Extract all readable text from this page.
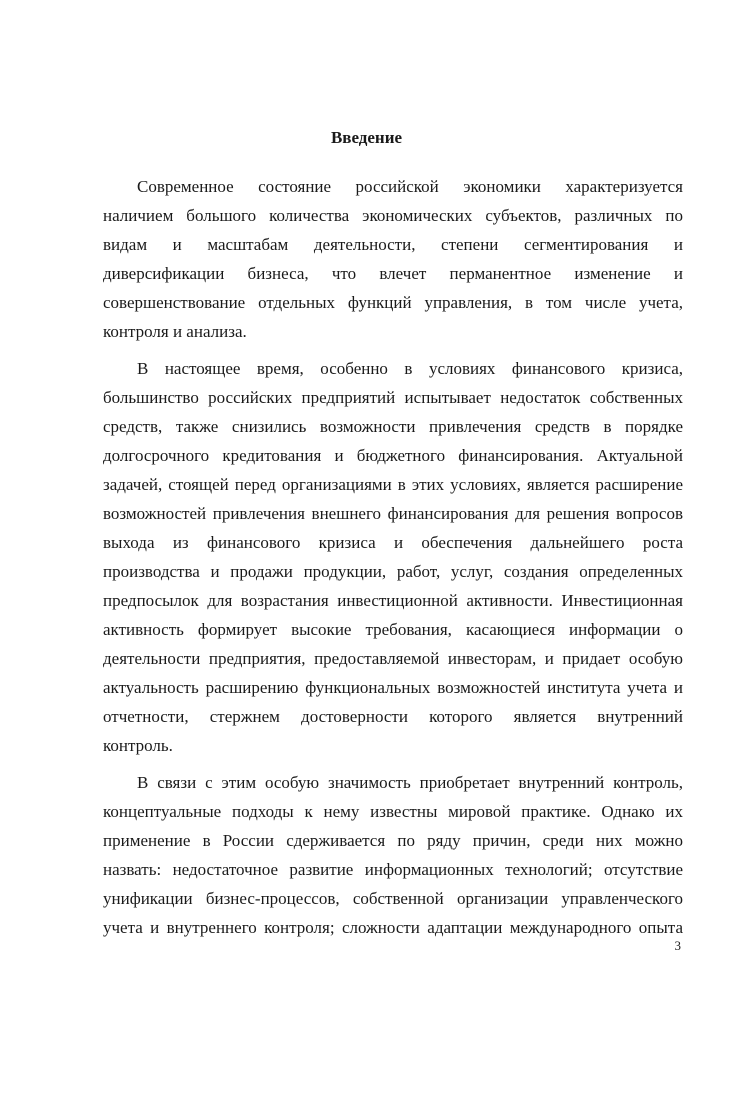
Введение

Современное состояние российской экономики характеризуется
наличием большого количества экономических субъектов, различных по
видам и масштабам деятельности, степени сегментирования и
диверсификации бизнеса, что влечет перманентное изменение и
совершенствование отдельных функций управления, в том числе учета,
контроля и анализа.

В настоящее время, особенно в условиях финансового кризиса,
большинство российских предприятий испытывает недостаток собственных
средств, также снизились возможности привлечения средств в порядке
долгосрочного кредитования и бюджетного финансирования. Актуальной
задачей, стоящей перед организациями в этих условиях, является расширение
возможностей привлечения внешнего финансирования для решения вопросов
выхода из финансового кризиса и обеспечения дальнейшего роста
производства и продажи продукции, работ, услуг, создания определенных
предпосылок для возрастания инвестиционной активности. Инвестиционная
активность формирует высокие требования, касающиеся информации о
деятельности предприятия, предоставляемой инвесторам, и придает особую
актуальность расширению функциональных возможностей института учета и
отчетности, стержнем достоверности которого является внутренний
контроль.

В связи с этим особую значимость приобретает внутренний контроль,
концептуальные подходы к нему известны мировой практике. Однако их
применение в России сдерживается по ряду причин, среди них можно
назвать: недостаточное развитие информационных технологий; отсутствие
унификации бизнес-процессов, собственной организации управленческого
учета и внутреннего контроля; сложности адаптации международного опыта

3
